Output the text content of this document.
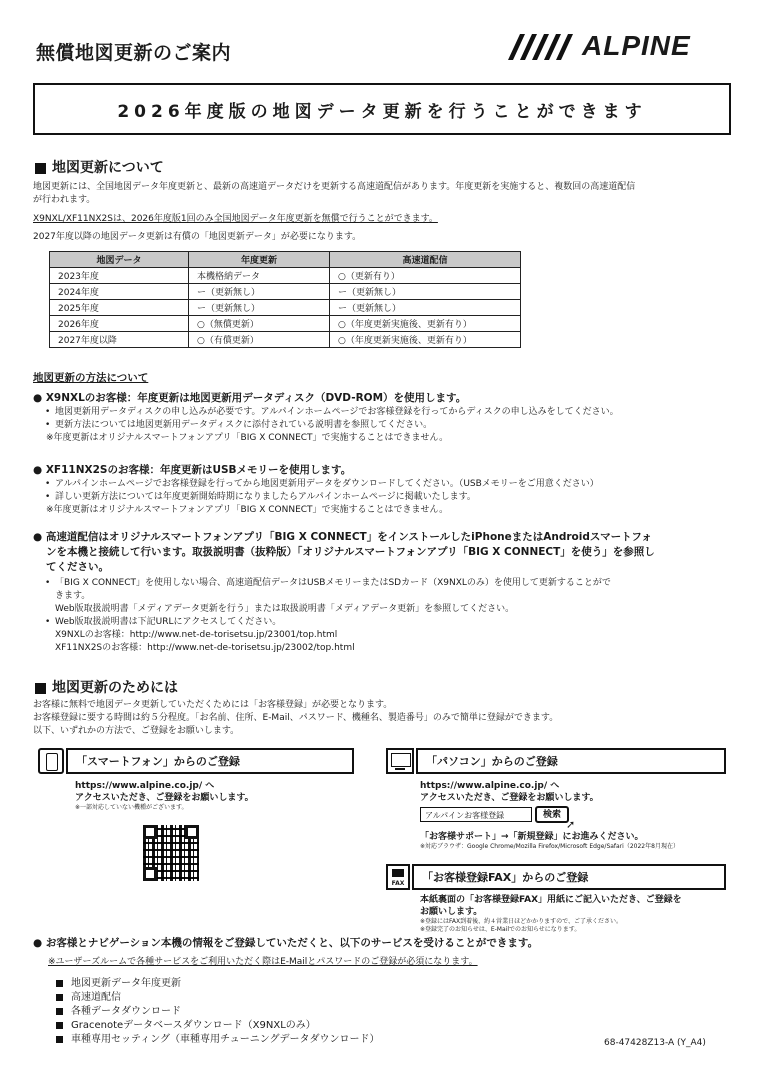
無償地図更新のご案内	ALPINE
2026年度版の地図データ更新を行うことができます
地図更新について
地図更新には、全国地図データ年度更新と、最新の高速道データだけを更新する高速道配信があります。年度更新を実施すると、複数回の高速道配信
が行われます。
X9NXL/XF11NX2Sは、2026年度版1回のみ全国地図データ年度更新を無償で行うことができます。
2027年度以降の地図データ更新は有償の「地図更新データ」が必要になります。
地図データ	年度更新	高速道配信
2023年度	本機格納データ	○（更新有り）
2024年度	ー（更新無し）	ー（更新無し）
2025年度	ー（更新無し）	ー（更新無し）
2026年度	○（無償更新）	○（年度更新実施後、更新有り）
2027年度以降	○（有償更新）	○（年度更新実施後、更新有り）
地図更新の方法について
● X9NXLのお客様：年度更新は地図更新用データディスク（DVD-ROM）を使用します。
• 地図更新用データディスクの申し込みが必要です。アルパインホームページでお客様登録を行ってからディスクの申し込みをしてください。
• 更新方法については地図更新用データディスクに添付されている説明書を参照してください。
※年度更新はオリジナルスマートフォンアプリ「BIG X CONNECT」で実施することはできません。
● XF11NX2Sのお客様：年度更新はUSBメモリーを使用します。
• アルパインホームページでお客様登録を行ってから地図更新用データをダウンロードしてください。（USBメモリーをご用意ください）
• 詳しい更新方法については年度更新開始時期になりましたらアルパインホームページに掲載いたします。
※年度更新はオリジナルスマートフォンアプリ「BIG X CONNECT」で実施することはできません。
● 高速道配信はオリジナルスマートフォンアプリ「BIG X CONNECT」をインストールしたiPhoneまたはAndroidスマートフォ
ンを本機と接続して行います。取扱説明書（抜粋版）「オリジナルスマートフォンアプリ「BIG X CONNECT」を使う」を参照し
てください。
• 「BIG X CONNECT」を使用しない場合、高速道配信データはUSBメモリーまたはSDカード（X9NXLのみ）を使用して更新することがで
きます。
Web版取扱説明書「メディアデータ更新を行う」または取扱説明書「メディアデータ更新」を参照してください。
• Web版取扱説明書は下記URLにアクセスしてください。
X9NXLのお客様：http://www.net-de-torisetsu.jp/23001/top.html
XF11NX2Sのお客様：http://www.net-de-torisetsu.jp/23002/top.html
地図更新のためには
お客様に無料で地図データ更新していただくためには「お客様登録」が必要となります。
お客様登録に要する時間は約５分程度。「お名前、住所、E-Mail、パスワード、機種名、製造番号」のみで簡単に登録ができます。
以下、いずれかの方法で、ご登録をお願いします。
「スマートフォン」からのご登録
https://www.alpine.co.jp/ へ
アクセスいただき、ご登録をお願いします。
※一部対応していない機種がございます。
「パソコン」からのご登録
https://www.alpine.co.jp/ へ
アクセスいただき、ご登録をお願いします。
アルパインお客様登録	検索
➚
「お客様サポート」→「新規登録」にお進みください。
※対応ブラウザ：Google Chrome/Mozilla Firefox/Microsoft Edge/Safari（2022年8月現在）
FAX	「お客様登録FAX」からのご登録
本紙裏面の「お客様登録FAX」用紙にご記入いただき、ご登録を
お願いします。
※登録にはFAX到着後、約４営業日ほどかかりますので、ご了承ください。
※登録完了のお知らせは、E-Mailでのお知らせになります。
● お客様とナビゲーション本機の情報をご登録していただくと、以下のサービスを受けることができます。
※ユーザーズルームで各種サービスをご利用いただく際はE-Mailとパスワードのご登録が必須になります。
地図更新データ年度更新
高速道配信
各種データダウンロード
Gracenoteデータベースダウンロード（X9NXLのみ）
車種専用セッティング（車種専用チューニングデータダウンロード）	68-47428Z13-A (Y_A4)
